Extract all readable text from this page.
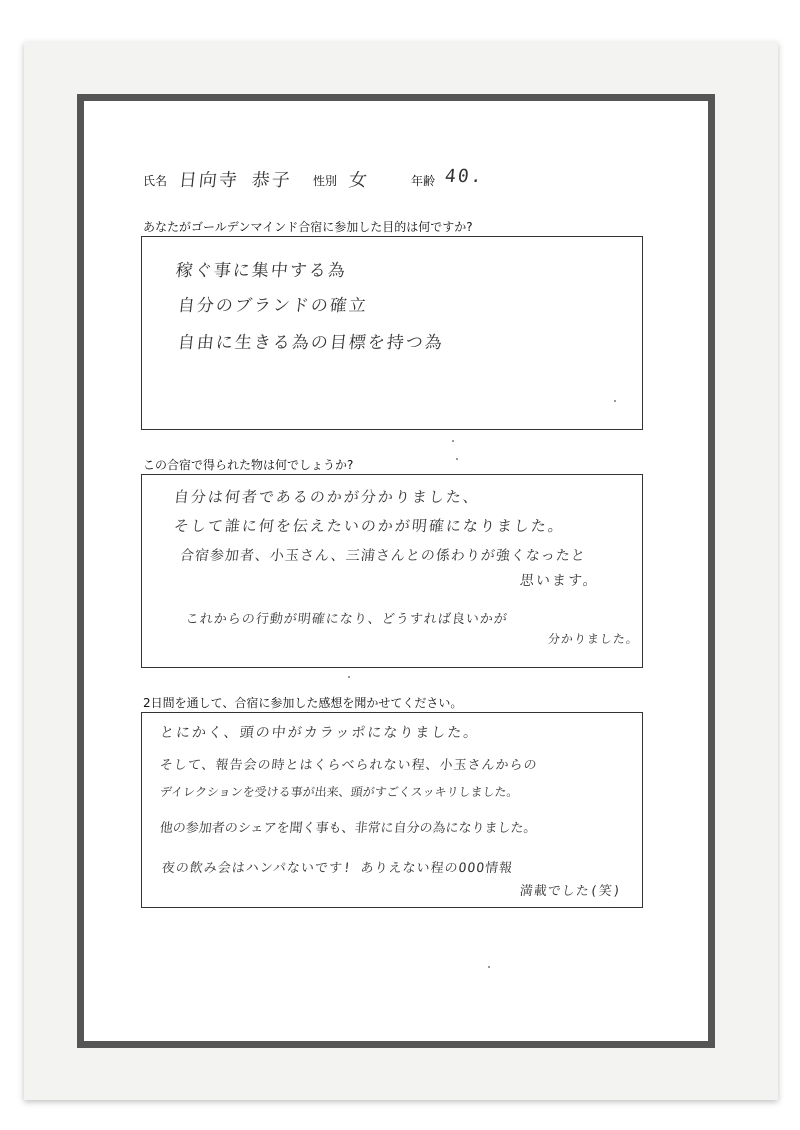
氏名 日向寺 恭子 性別 女	年齢 40.
あなたがゴールデンマインド合宿に参加した目的は何ですか?
稼ぐ事に集中する為
自分のブランドの確立
自由に生きる為の目標を持つ為
この合宿で得られた物は何でしょうか?
自分は何者であるのかが分かりました、
そして誰に何を伝えたいのかが明確になりました。
合宿参加者、小玉さん、三浦さんとの係わりが強くなったと
思います。
これからの行動が明確になり、どうすれば良いかが
分かりました。
2日間を通して、合宿に参加した感想を聞かせてください。
とにかく、頭の中がカラッポになりました。
そして、報告会の時とはくらべられない程、小玉さんからの
デイレクションを受ける事が出来、頭がすごくスッキリしました。
他の参加者のシェアを聞く事も、非常に自分の為になりました。
夜の飲み会はハンパないです! ありえない程のOOO情報
満載でした(笑)
